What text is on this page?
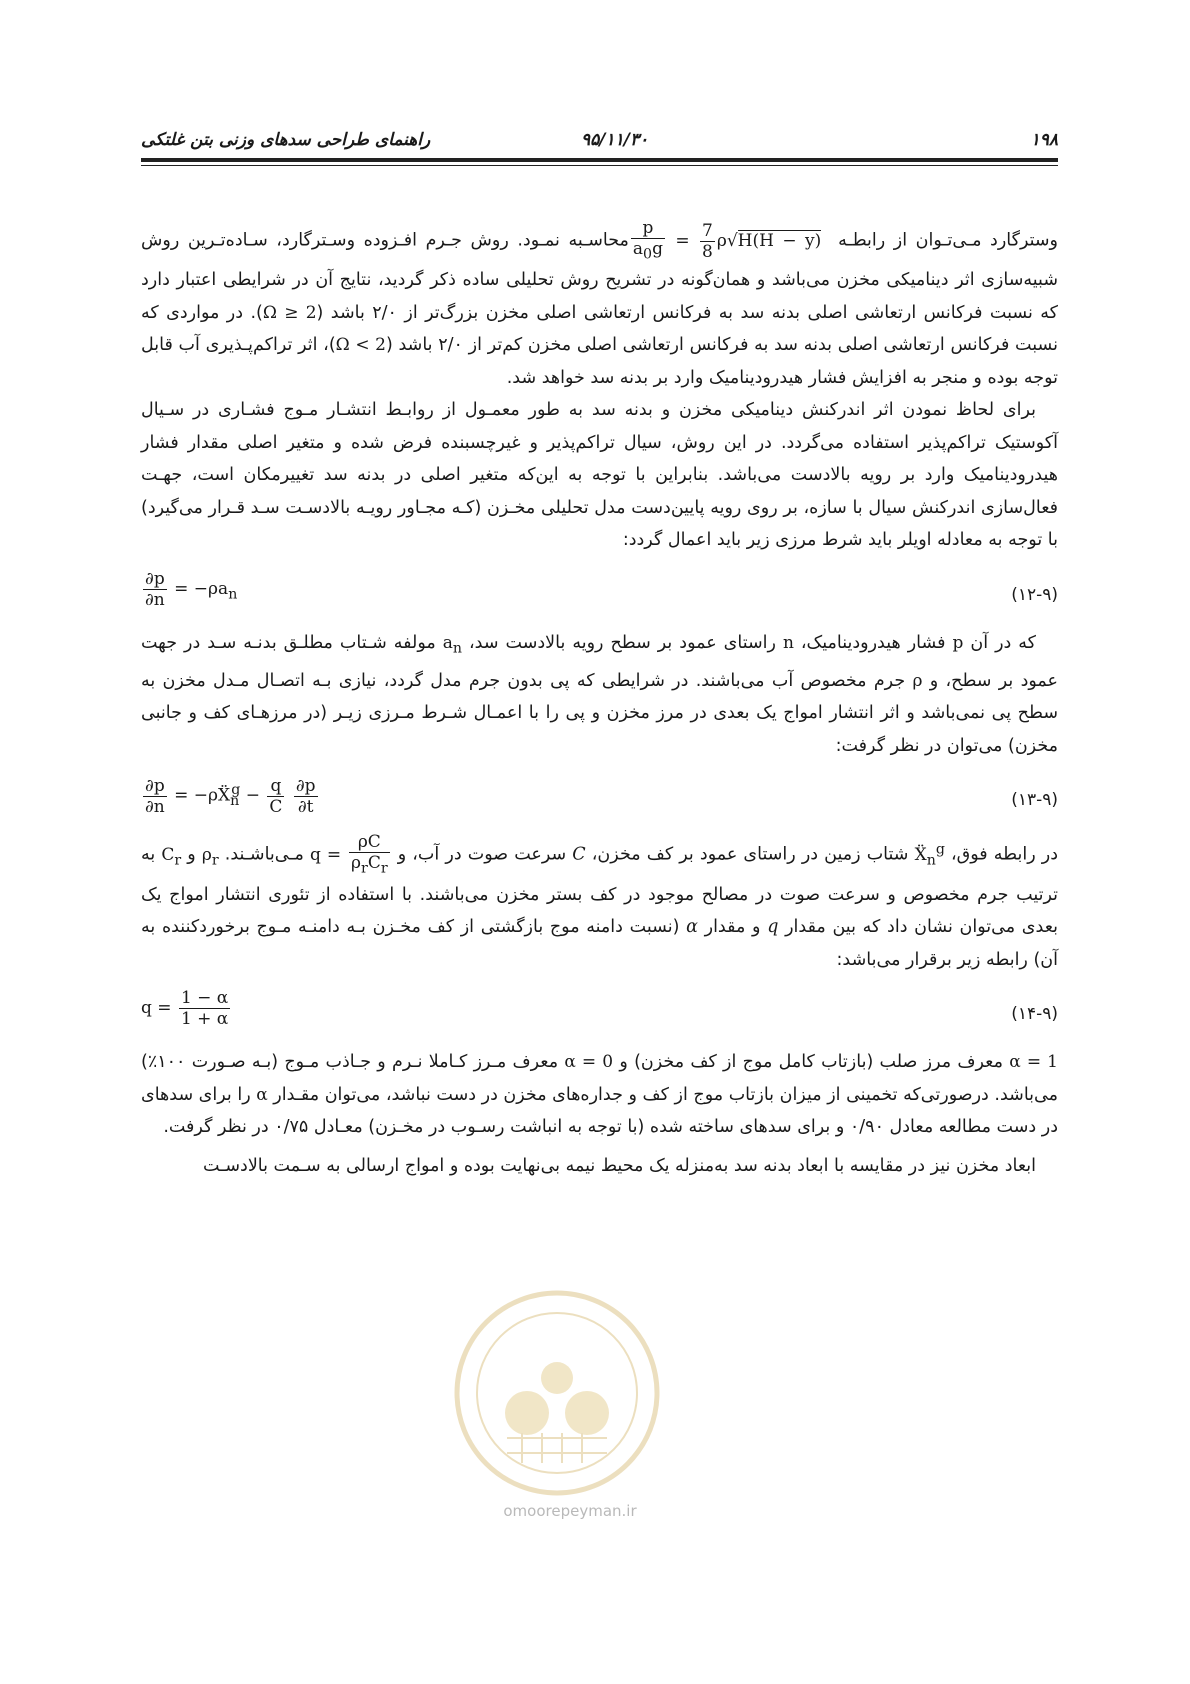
۱۹۸
۹۵/۱۱/۳۰
راهنمای طراحی سدهای وزنی بتن غلتکی

وسترگارد مـی‌تـوان از رابطـه
$\frac{p}{a_0g} = \frac{7}{8} \rho√H(H - y)$ محاسـبه نمـود. روش جـرم افـزوده وسـترگارد، سـاده‌تـرین روش شبیه‌سازی اثر دینامیکی مخزن می‌باشد و همان‌گونه در تشریح روش تحلیلی ساده ذکر گردید، نتایج آن در شرایطی اعتبار دارد که نسبت فرکانس ارتعاشی اصلی بدنه سد به فرکانس ارتعاشی اصلی مخزن بزرگ‌تر از ۲/۰ باشد (Ω ≥ 2). در مواردی که نسبت فرکانس ارتعاشی اصلی بدنه سد به فرکانس ارتعاشی اصلی مخزن کم‌تر از ۲/۰ باشد (Ω < 2)، اثر تراکم‌پـذیری آب قابل توجه بوده و منجر به افزایش فشار هیدرودینامیک وارد بر بدنه سد خواهد شد.

برای لحاظ نمودن اثر اندرکنش دینامیکی مخزن و بدنه سد به طور معمـول از روابـط انتشـار مـوج فشـاری در سـیال آکوستیک تراکم‌پذیر استفاده می‌گردد. در این روش، سیال تراکم‌پذیر و غیرچسبنده فرض شده و متغیر اصلی مقدار فشار هیدرودینامیک وارد بر رویه بالادست می‌باشد. بنابراین با توجه به این‌که متغیر اصلی در بدنه سد تغییرمکان است، جهـت فعال‌سازی اندرکنش سیال با سازه، بر روی رویه پایین‌دست مدل تحلیلی مخـزن (کـه مجـاور رویـه بالادسـت سـد قـرار می‌گیرد) با توجه به معادله اویلر باید شرط مرزی زیر باید اعمال گردد:

(۱۲-۹)
$\frac{\partial p}{\partial n} = -\rho a_n$

که در آن p فشار هیدرودینامیک، n راستای عمود بر سطح رویه بالادست سد، $a_n$ مولفه شـتاب مطلـق بدنـه سـد در جهت عمود بر سطح، و ρ جرم مخصوص آب می‌باشند. در شرایطی که پی بدون جرم مدل گردد، نیازی بـه اتصـال مـدل مخزن به سطح پی نمی‌باشد و اثر انتشار امواج یک بعدی در مرز مخزن و پی را با اعمـال شـرط مـرزی زیـر (در مرزهـای کف و جانبی مخزن) می‌توان در نظر گرفت:

(۱۳-۹)
$\frac{\partial p}{\partial n}$ = −ρẌ$_n^g$ − $\frac{q}{C}$
$\frac{\partial p}{\partial t}$

در رابطه فوق، Ẍ$_n^g$ شتاب زمین در راستای عمود بر کف مخزن، C سرعت صوت در آب، و $q = \frac{\rho C}{\rho_rC_r}$
مـی‌باشـند. $\rho_r$ و $C_r$ به ترتیب جرم مخصوص و سرعت صوت در مصالح موجود در کف بستر مخزن می‌باشند. با استفاده از تئوری انتشار امواج یک بعدی می‌توان نشان داد که بین مقدار q و مقدار α (نسبت دامنه موج بازگشتی از کف مخـزن بـه دامنـه مـوج برخوردکننده به آن) رابطه زیر برقرار می‌باشد:

(۱۴-۹)
$q = \frac{1 - \alpha}{1 + \alpha}$

α = 1 معرف مرز صلب (بازتاب کامل موج از کف مخزن) و α = 0 معرف مـرز کـاملا نـرم و جـاذب مـوج (بـه صـورت ۱۰۰٪) می‌باشد. درصورتی‌که تخمینی از میزان بازتاب موج از کف و جداره‌های مخزن در دست نباشد، می‌توان مقـدار α را برای سدهای در دست مطالعه معادل ۰/۹۰ و برای سدهای ساخته شده (با توجه به انباشت رسـوب در مخـزن) معـادل ۰/۷۵ در نظر گرفت.

ابعاد مخزن نیز در مقایسه با ابعاد بدنه سد به‌منزله یک محیط نیمه بی‌نهایت بوده و امواج ارسالی به سـمت بالادسـت

omoorepeyman.ir
